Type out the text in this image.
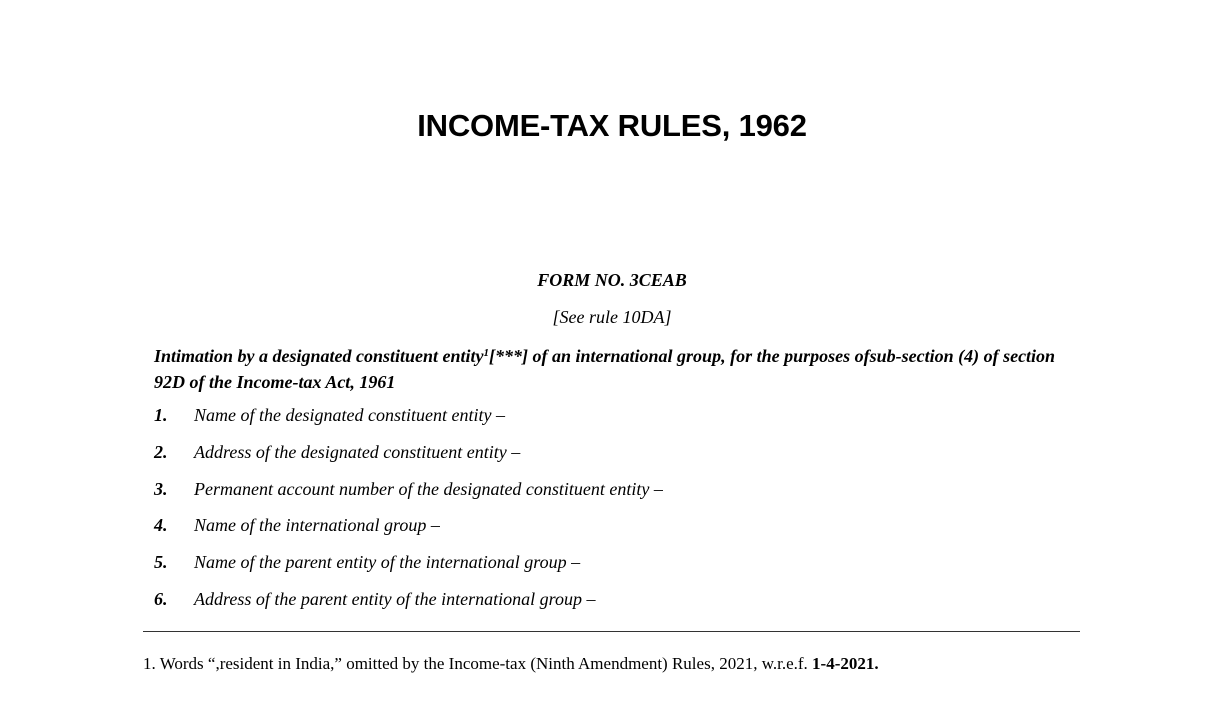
INCOME-TAX RULES, 1962
FORM NO. 3CEAB
[See rule 10DA]
Intimation by a designated constituent entity$^1$[***] of an international group, for the purposes ofsub-section (4) of section 92D of the Income-tax Act, 1961
1.	Name of the designated constituent entity –
2.	Address of the designated constituent entity –
3.	Permanent account number of the designated constituent entity –
4.	Name of the international group –
5.	Name of the parent entity of the international group –
6.	Address of the parent entity of the international group –
1. Words “,resident in India,” omitted by the Income-tax (Ninth Amendment) Rules, 2021, w.r.e.f. 1-4-2021.
